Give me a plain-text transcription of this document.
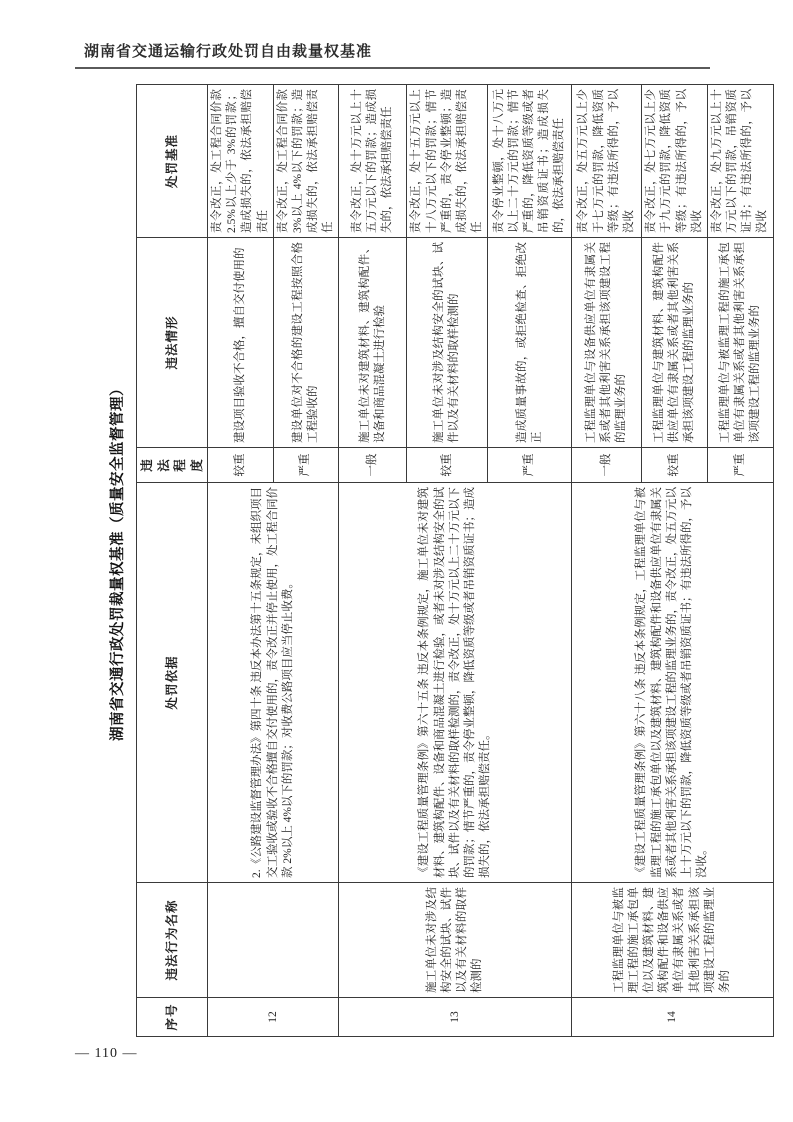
湖南省交通运输行政处罚自由裁量权基准
湖南省交通行政处罚裁量权基准（质量安全监督管理）
序号	违法行为名称	处罚依据	违法程度	违法情形	处罚基准
12		2.《公路建设监督管理办法》第四十条 违反本办法第十五条规定，未组织项目交工验收或验收不合格擅自交付使用的，责令改正并停止使用，处工程合同价款 2%以上 4%以下的罚款；对收费公路项目应当停止收费。	较重	建设项目验收不合格，擅自交付使用的	责令改正，处工程合同价款 2.5%以上少于 3%的罚款；造成损失的，依法承担赔偿责任
			严重	建设单位对不合格的建设工程按照合格工程验收的	责令改正，处工程合同价款 3%以上 4%以下的罚款；造成损失的，依法承担赔偿责任
13	施工单位未对涉及结构安全的试块、试件以及有关材料的取样检测的	《建设工程质量管理条例》第六十五条 违反本条例规定，施工单位未对建筑材料、建筑构配件、设备和商品混凝土进行检验，或者未对涉及结构安全的试块、试件以及有关材料的取样检测的，责令改正，处十万元以上二十万元以下的罚款；情节严重的，责令停业整顿，降低资质等级或者吊销资质证书；造成损失的，依法承担赔偿责任。	一般	施工单位未对建筑材料、建筑构配件、设备和商品混凝土进行检验	责令改正，处十万元以上十五万元以下的罚款；造成损失的，依法承担赔偿责任
			较重	施工单位未对涉及结构安全的试块、试件以及有关材料的取样检测的	责令改正，处十五万元以上十八万元以下的罚款；情节严重的，责令停业整顿；造成损失的，依法承担赔偿责任
			严重	造成质量事故的，或拒绝检查、拒绝改正	责令停业整顿，处十八万元以上二十万元的罚款；情节严重的，降低资质等级或者吊销资质证书；造成损失的，依法承担赔偿责任
14	工程监理单位与被监理工程的施工承包单位以及建筑材料、建筑构配件和设备供应单位有隶属关系或者其他利害关系承担该项建设工程的监理业务的	《建设工程质量管理条例》第六十八条 违反本条例规定，工程监理单位与被监理工程的施工承包单位以及建筑材料、建筑构配件和设备供应单位有隶属关系或者其他利害关系承担该项建设工程的监理业务的，责令改正，处五万元以上十万元以下的罚款，降低资质等级或者吊销资质证书；有违法所得的，予以没收。	一般	工程监理单位与设备供应单位有隶属关系或者其他利害关系承担该项建设工程的监理业务的	责令改正，处五万元以上少于七万元的罚款，降低资质等级；有违法所得的，予以没收
			较重	工程监理单位与建筑材料、建筑构配件供应单位有隶属关系或者其他利害关系承担该项建设工程的监理业务的	责令改正，处七万元以上少于九万元的罚款，降低资质等级；有违法所得的，予以没收
			严重	工程监理单位与被监理工程的施工承包单位有隶属关系或者其他利害关系承担该项建设工程的监理业务的	责令改正，处九万元以上十万元以下的罚款，吊销资质证书；有违法所得的，予以没收
— 110 —
